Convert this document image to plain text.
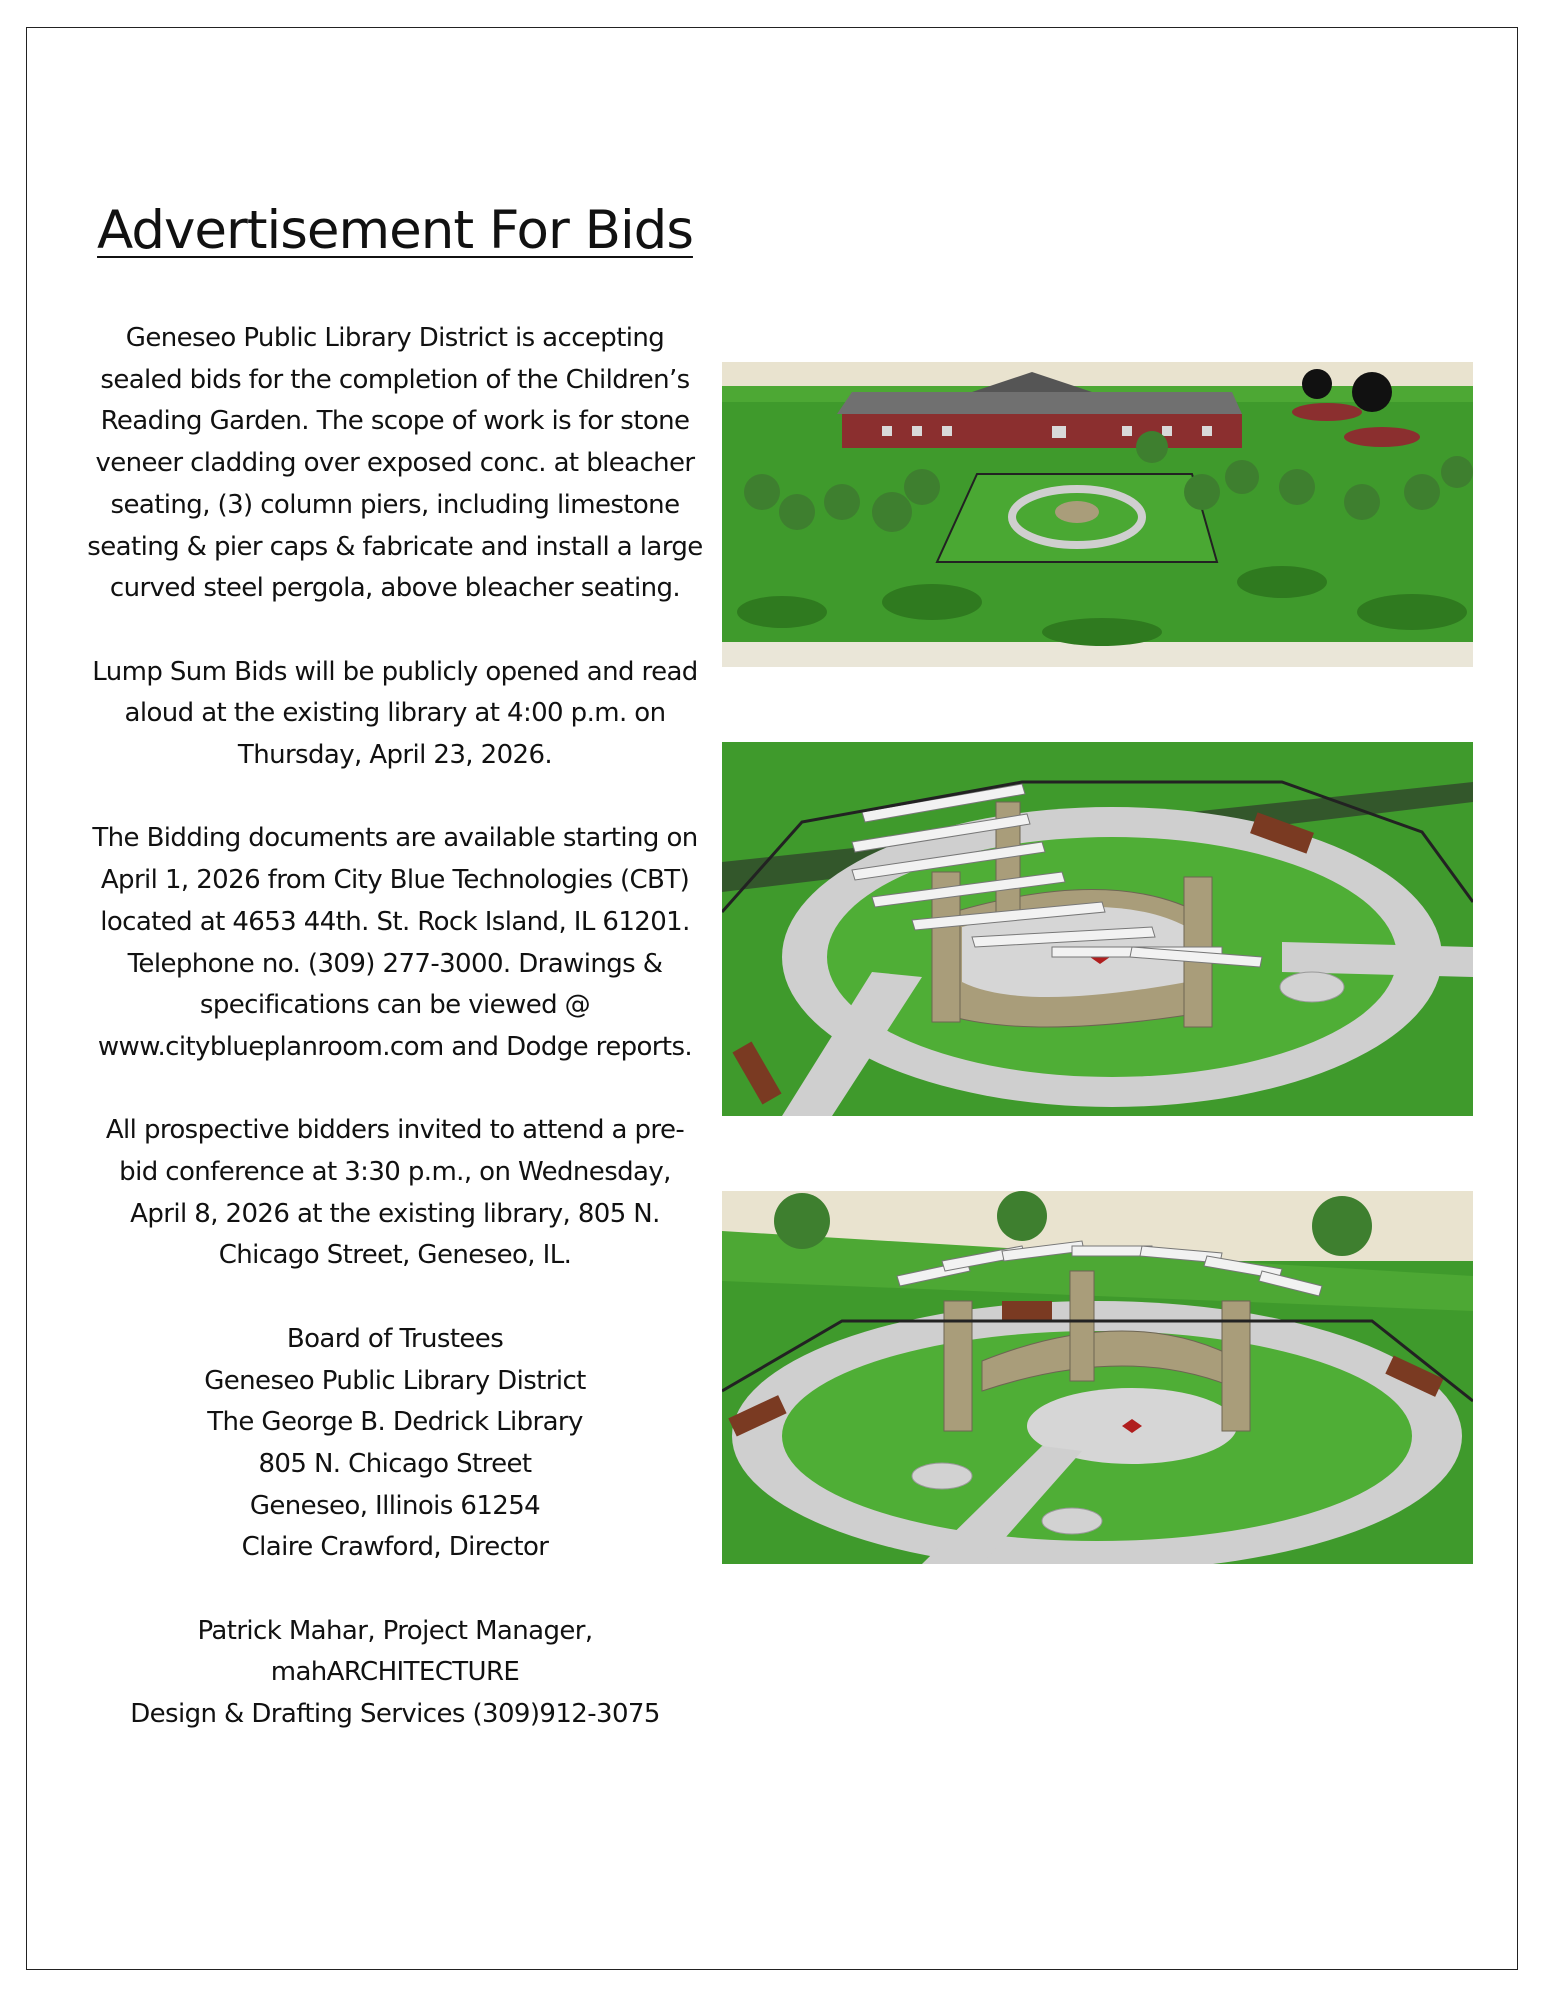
Advertisement For Bids
Geneseo Public Library District is accepting
sealed bids for the completion of the Children’s
Reading Garden. The scope of work is for stone
veneer cladding over exposed conc. at bleacher
seating, (3) column piers, including limestone
seating & pier caps & fabricate and install a large
curved steel pergola, above bleacher seating.
Lump Sum Bids will be publicly opened and read
aloud at the existing library at 4:00 p.m. on
Thursday, April 23, 2026.
The Bidding documents are available starting on
April 1, 2026 from City Blue Technologies (CBT)
located at 4653 44th. St. Rock Island, IL 61201.
Telephone no. (309) 277-3000. Drawings &
specifications can be viewed @
www.cityblueplanroom.com and Dodge reports.
All prospective bidders invited to attend a pre-
bid conference at 3:30 p.m., on Wednesday,
April 8, 2026 at the existing library, 805 N.
Chicago Street, Geneseo, IL.
Board of Trustees
Geneseo Public Library District
The George B. Dedrick Library
805 N. Chicago Street
Geneseo, Illinois 61254
Claire Crawford, Director
Patrick Mahar, Project Manager,
mahARCHITECTURE
Design & Drafting Services (309)912-3075
